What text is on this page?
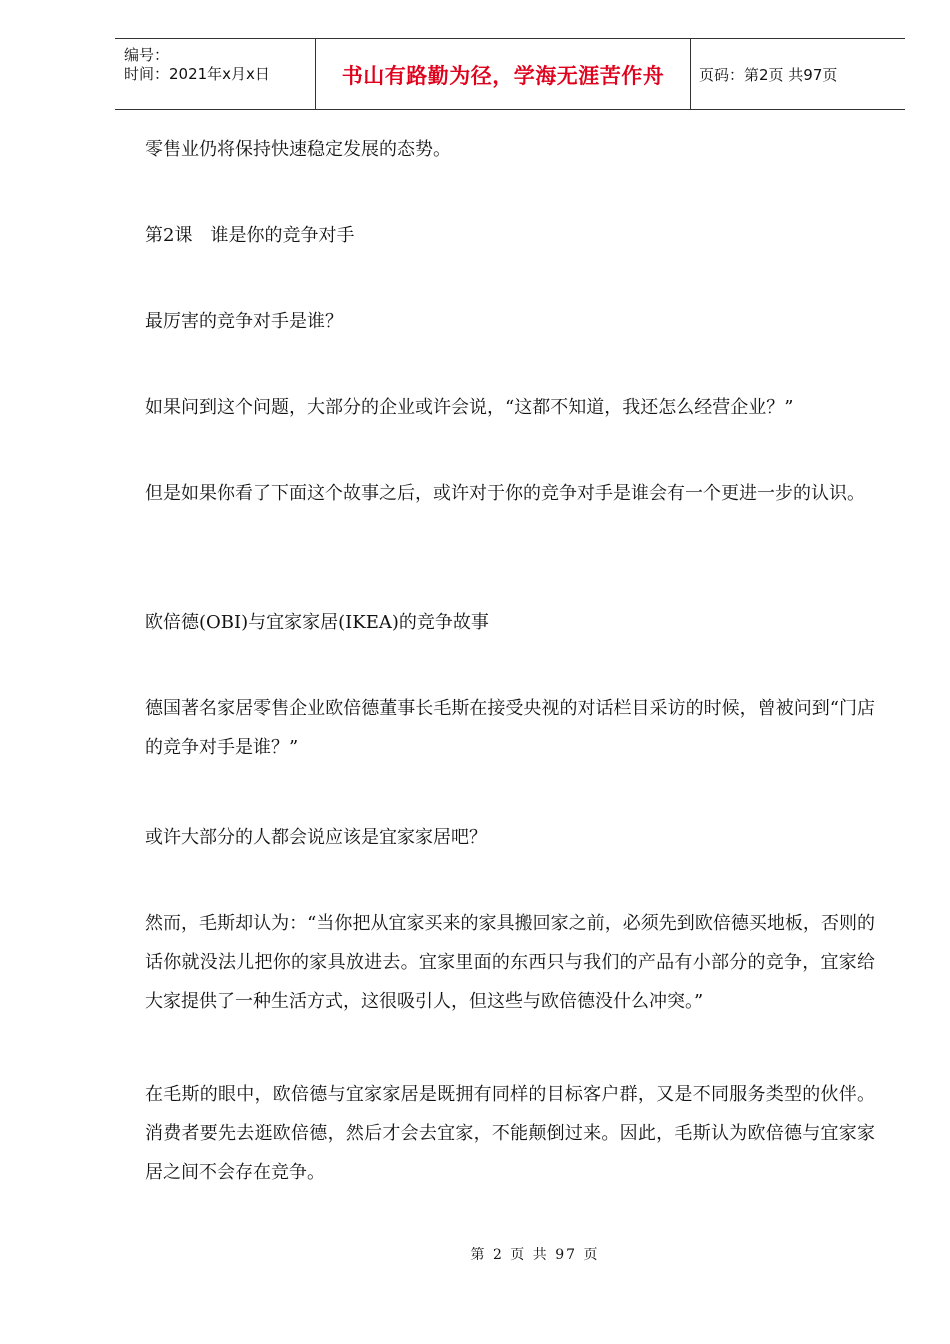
编号：
时间：2021年x月x日	书山有路勤为径，学海无涯苦作舟 页码：第2页 共97页

零售业仍将保持快速稳定发展的态势。

第2课　谁是你的竞争对手

最厉害的竞争对手是谁？

如果问到这个问题，大部分的企业或许会说，“这都不知道，我还怎么经营企业？”

但是如果你看了下面这个故事之后，或许对于你的竞争对手是谁会有一个更进一步的认识。

欧倍德(OBI)与宜家家居(IKEA)的竞争故事

德国著名家居零售企业欧倍德董事长毛斯在接受央视的对话栏目采访的时候，曾被问到“门店的竞争对手是谁？”

或许大部分的人都会说应该是宜家家居吧？

然而，毛斯却认为：“当你把从宜家买来的家具搬回家之前，必须先到欧倍德买地板，否则的话你就没法儿把你的家具放进去。宜家里面的东西只与我们的产品有小部分的竞争，宜家给大家提供了一种生活方式，这很吸引人，但这些与欧倍德没什么冲突。”

在毛斯的眼中，欧倍德与宜家家居是既拥有同样的目标客户群，又是不同服务类型的伙伴。消费者要先去逛欧倍德，然后才会去宜家，不能颠倒过来。因此，毛斯认为欧倍德与宜家家居之间不会存在竞争。

第 2 页 共 97 页
